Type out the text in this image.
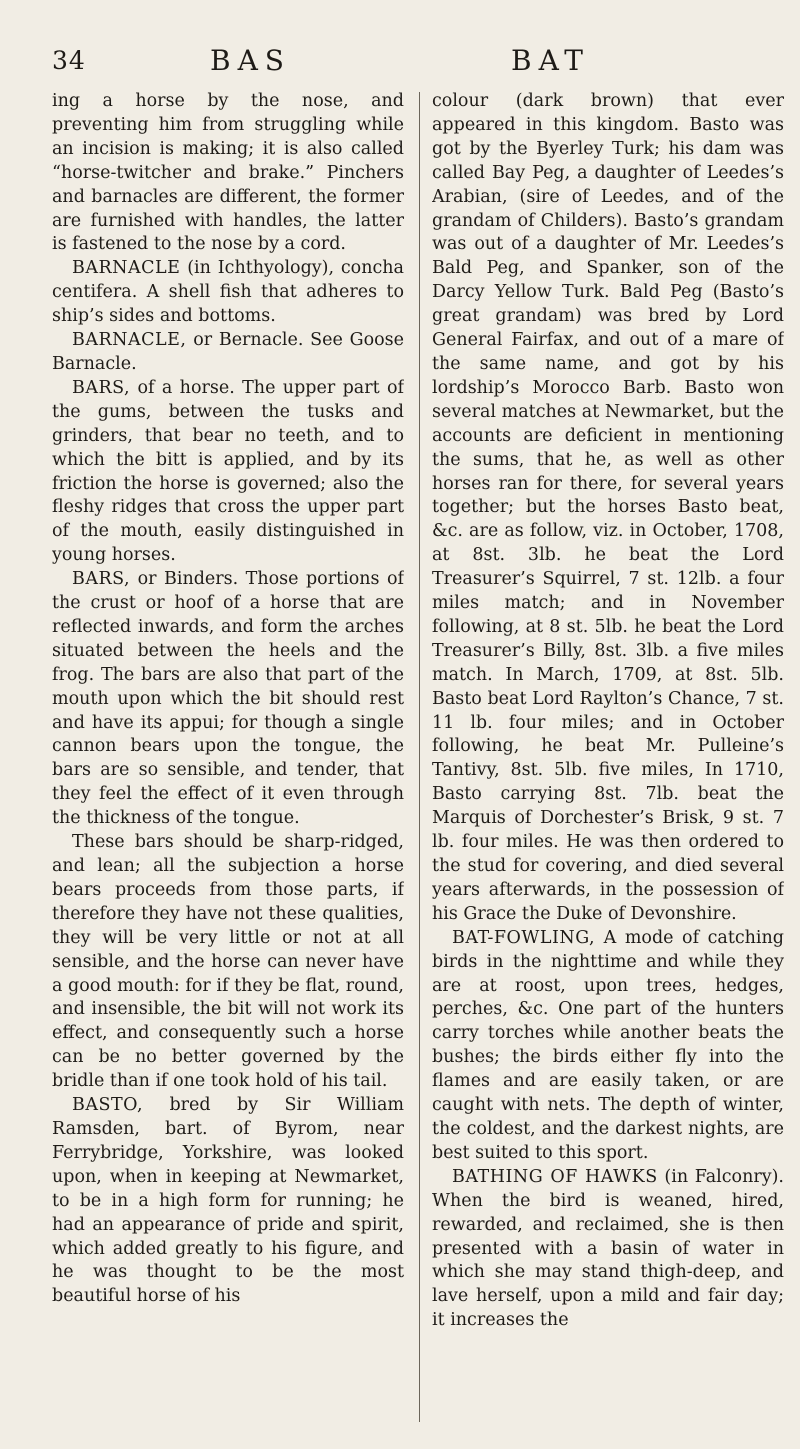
34	BAS	BAT

ing a horse by the nose, and preventing him from struggling while an incision is making; it is also called “horse-twitcher and brake.” Pinchers and barnacles are different, the former are furnished with handles, the latter is fastened to the nose by a cord.

BARNACLE (in Ichthyology), concha centifera. A shell fish that adheres to ship’s sides and bottoms.

BARNACLE, or Bernacle. See Goose Barnacle.

BARS, of a horse. The upper part of the gums, between the tusks and grinders, that bear no teeth, and to which the bitt is applied, and by its friction the horse is governed; also the fleshy ridges that cross the upper part of the mouth, easily distinguished in young horses.

BARS, or Binders. Those portions of the crust or hoof of a horse that are reflected inwards, and form the arches situated between the heels and the frog. The bars are also that part of the mouth upon which the bit should rest and have its appui; for though a single cannon bears upon the tongue, the bars are so sensible, and tender, that they feel the effect of it even through the thickness of the tongue.

These bars should be sharp-ridged, and lean; all the subjection a horse bears proceeds from those parts, if therefore they have not these qualities, they will be very little or not at all sensible, and the horse can never have a good mouth: for if they be flat, round, and insensible, the bit will not work its effect, and consequently such a horse can be no better governed by the bridle than if one took hold of his tail.

BASTO, bred by Sir William Ramsden, bart. of Byrom, near Ferrybridge, Yorkshire, was looked upon, when in keeping at Newmarket, to be in a high form for running; he had an appearance of pride and spirit, which added greatly to his figure, and he was thought to be the most beautiful horse of his

colour (dark brown) that ever appeared in this kingdom. Basto was got by the Byerley Turk; his dam was called Bay Peg, a daughter of Leedes’s Arabian, (sire of Leedes, and of the grandam of Childers). Basto’s grandam was out of a daughter of Mr. Leedes’s Bald Peg, and Spanker, son of the Darcy Yellow Turk. Bald Peg (Basto’s great grandam) was bred by Lord General Fairfax, and out of a mare of the same name, and got by his lordship’s Morocco Barb. Basto won several matches at Newmarket, but the accounts are deficient in mentioning the sums, that he, as well as other horses ran for there, for several years together; but the horses Basto beat, &c. are as follow, viz. in October, 1708, at 8st. 3lb. he beat the Lord Treasurer’s Squirrel, 7 st. 12lb. a four miles match; and in November following, at 8 st. 5lb. he beat the Lord Treasurer’s Billy, 8st. 3lb. a five miles match. In March, 1709, at 8st. 5lb. Basto beat Lord Raylton’s Chance, 7 st. 11 lb. four miles; and in October following, he beat Mr. Pulleine’s Tantivy, 8st. 5lb. five miles, In 1710, Basto carrying 8st. 7lb. beat the Marquis of Dorchester’s Brisk, 9 st. 7 lb. four miles. He was then ordered to the stud for covering, and died several years afterwards, in the possession of his Grace the Duke of Devonshire.

BAT-FOWLING, A mode of catching birds in the nighttime and while they are at roost, upon trees, hedges, perches, &c. One part of the hunters carry torches while another beats the bushes; the birds either fly into the flames and are easily taken, or are caught with nets. The depth of winter, the coldest, and the darkest nights, are best suited to this sport.

BATHING OF HAWKS (in Falconry). When the bird is weaned, hired, rewarded, and reclaimed, she is then presented with a basin of water in which she may stand thigh-deep, and lave herself, upon a mild and fair day; it increases the
